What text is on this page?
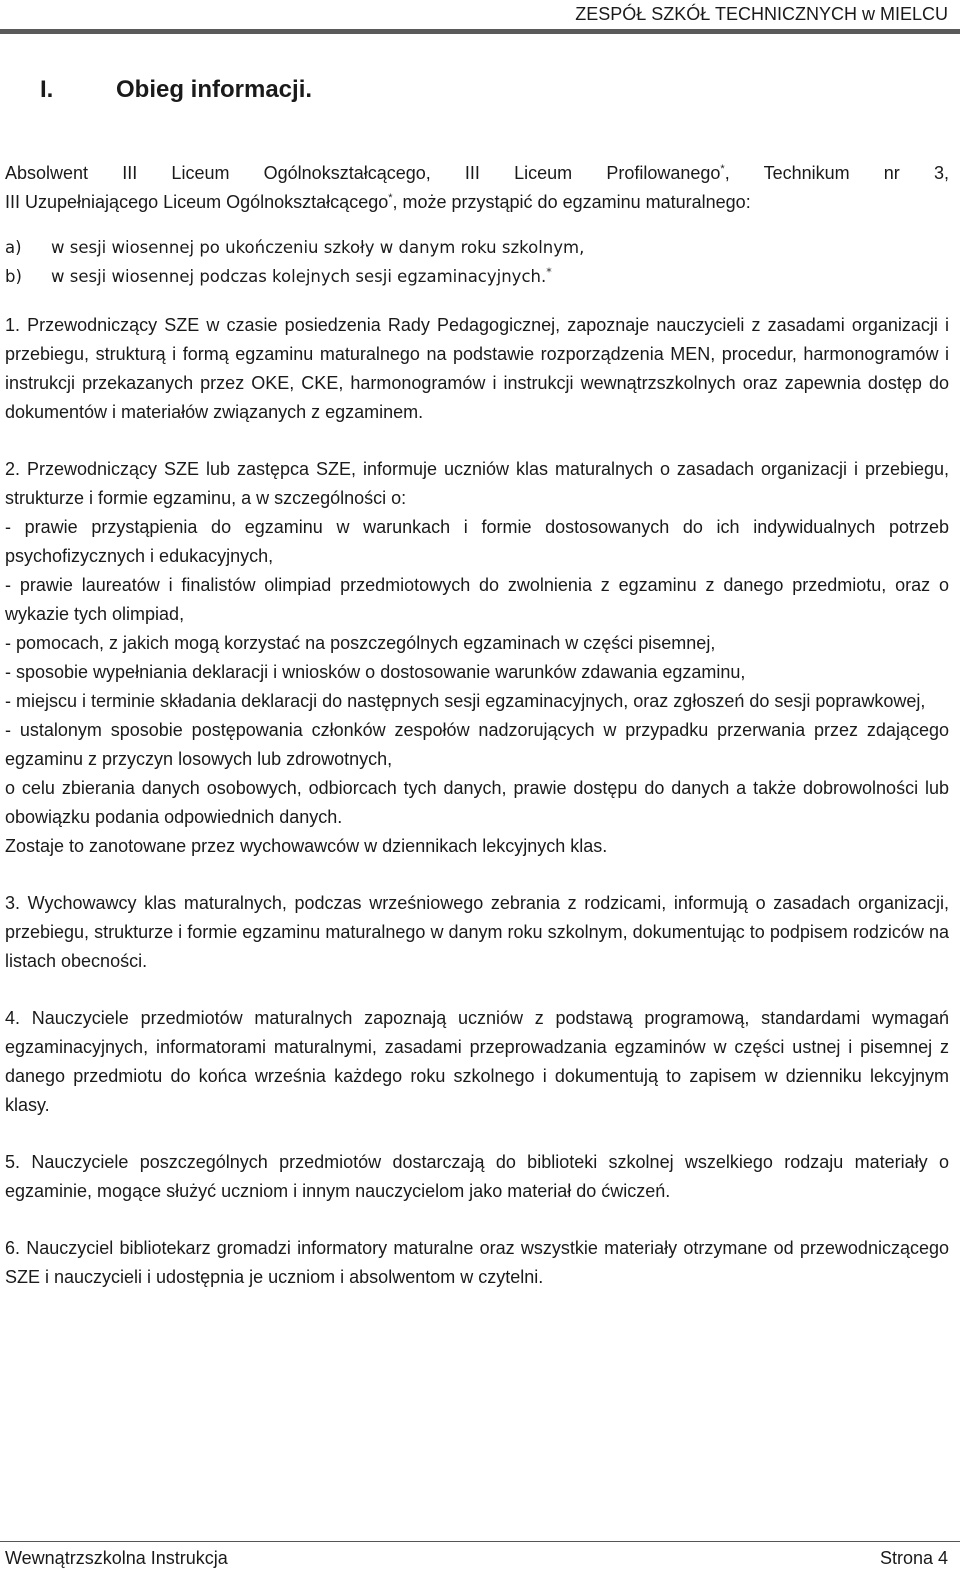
ZESPÓŁ SZKÓŁ TECHNICZNYCH w MIELCU
I.	Obieg informacji.

Absolwent III Liceum Ogólnokształcącego, III Liceum Profilowanego*, Technikum nr 3,

III Uzupełniającego Liceum Ogólnokształcącego*, może przystąpić do egzaminu maturalnego:

a)	w sesji wiosennej po ukończeniu szkoły w danym roku szkolnym,
b)	w sesji wiosennej podczas kolejnych sesji egzaminacyjnych.*

1. Przewodniczący SZE w czasie posiedzenia Rady Pedagogicznej, zapoznaje nauczycieli z zasadami organizacji i przebiegu, strukturą i formą egzaminu maturalnego na podstawie rozporządzenia MEN, procedur, harmonogramów i instrukcji przekazanych przez OKE, CKE, harmonogramów i instrukcji wewnątrzszkolnych oraz zapewnia dostęp do dokumentów i materiałów związanych z egzaminem.

2. Przewodniczący SZE lub zastępca SZE, informuje uczniów klas maturalnych o zasadach organizacji i przebiegu, strukturze i formie egzaminu, a w szczególności o:

- prawie przystąpienia do egzaminu w warunkach i formie dostosowanych do ich indywidualnych potrzeb psychofizycznych i edukacyjnych,

- prawie laureatów i finalistów olimpiad przedmiotowych do zwolnienia z egzaminu z danego przedmiotu, oraz o wykazie tych olimpiad,

- pomocach, z jakich mogą korzystać na poszczególnych egzaminach w części pisemnej,

- sposobie wypełniania deklaracji i wniosków o dostosowanie warunków zdawania egzaminu,

- miejscu i terminie składania deklaracji do następnych sesji egzaminacyjnych, oraz zgłoszeń do sesji poprawkowej,

- ustalonym sposobie postępowania członków zespołów nadzorujących w przypadku przerwania przez zdającego egzaminu z przyczyn losowych lub zdrowotnych,

o celu zbierania danych osobowych, odbiorcach tych danych, prawie dostępu do danych a także dobrowolności lub obowiązku podania odpowiednich danych.

Zostaje to zanotowane przez wychowawców w dziennikach lekcyjnych klas.

3. Wychowawcy klas maturalnych, podczas wrześniowego zebrania z rodzicami, informują o zasadach organizacji, przebiegu, strukturze i formie egzaminu maturalnego w danym roku szkolnym, dokumentując to podpisem rodziców na listach obecności.

4. Nauczyciele przedmiotów maturalnych zapoznają uczniów z podstawą programową, standardami wymagań egzaminacyjnych, informatorami maturalnymi, zasadami przeprowadzania egzaminów w części ustnej i pisemnej z danego przedmiotu do końca września każdego roku szkolnego i dokumentują to zapisem w dzienniku lekcyjnym klasy.

5. Nauczyciele poszczególnych przedmiotów dostarczają do biblioteki szkolnej wszelkiego rodzaju materiały o egzaminie, mogące służyć uczniom i innym nauczycielom jako materiał do ćwiczeń.

6. Nauczyciel bibliotekarz gromadzi informatory maturalne oraz wszystkie materiały otrzymane od przewodniczącego SZE i nauczycieli i udostępnia je uczniom i absolwentom w czytelni.

Wewnątrzszkolna Instrukcja	Strona 4
